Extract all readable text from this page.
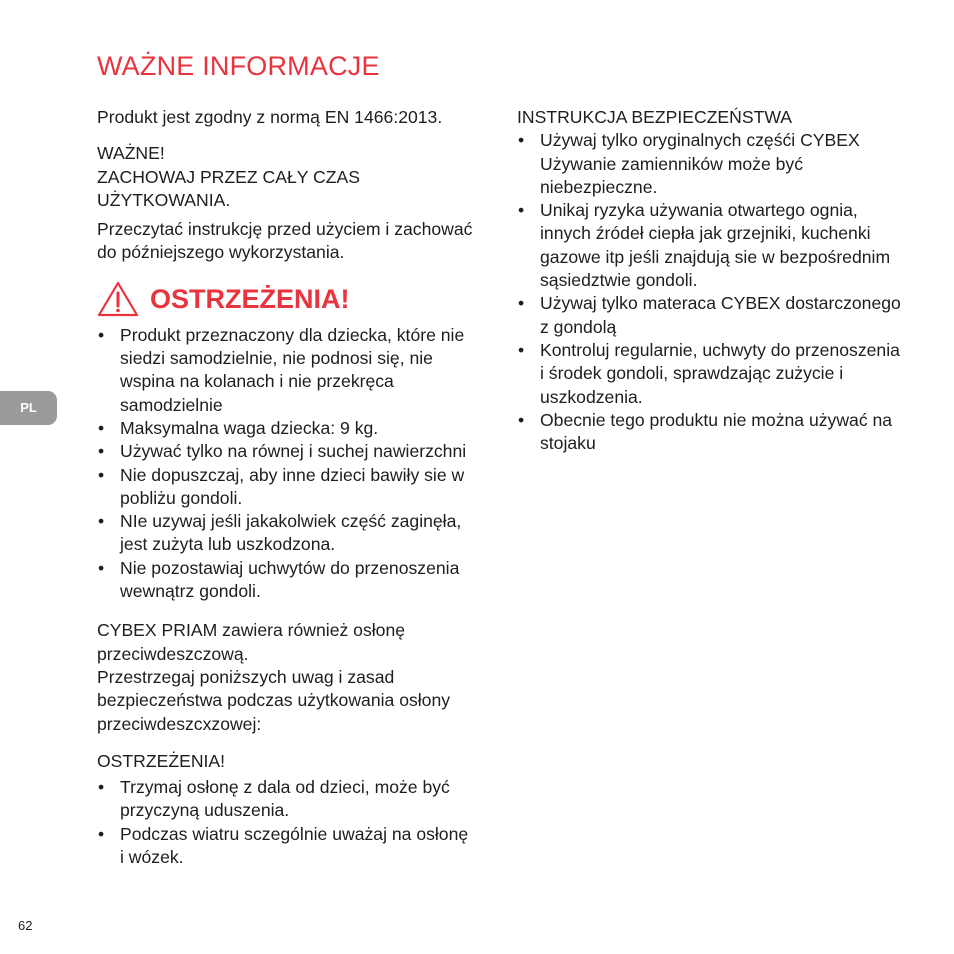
WAŻNE INFORMACJE
PL

Produkt jest zgodny z normą EN 1466:2013.

WAŻNE!

ZACHOWAJ PRZEZ CAŁY CZAS

UŻYTKOWANIA.

Przeczytać instrukcję przed użyciem i zachować do późniejszego wykorzystania.

OSTRZEŻENIA!
• Produkt przeznaczony dla dziecka, które nie siedzi samodzielnie, nie podnosi się, nie wspina na kolanach i nie przekręca samodzielnie
• Maksymalna waga dziecka: 9 kg.
• Używać tylko na równej i suchej nawierzchni
• Nie dopuszczaj, aby inne dzieci bawiły sie w pobliżu gondoli.
• NIe uzywaj jeśli jakakolwiek część zaginęła, jest zużyta lub uszkodzona.
• Nie pozostawiaj uchwytów do przenoszenia wewnątrz gondoli.

CYBEX PRIAM zawiera również osłonę przeciwdeszczową.

Przestrzegaj poniższych uwag i zasad bezpieczeństwa podczas użytkowania osłony przeciwdeszcxzowej:

OSTRZEŻENIA!

• Trzymaj osłonę z dala od dzieci, może być przyczyną uduszenia.
• Podczas wiatru sczególnie uważaj na osłonę i wózek.

INSTRUKCJA BEZPIECZEŃSTWA

• Używaj tylko oryginalnych częśći CYBEX Używanie zamienników może być niebezpieczne.
• Unikaj ryzyka używania otwartego ognia, innych źródeł ciepła jak grzejniki, kuchenki gazowe itp jeśli znajdują sie w bezpośrednim sąsiedztwie gondoli.
• Używaj tylko materaca CYBEX dostarczonego z gondolą
• Kontroluj regularnie, uchwyty do przenoszenia i środek gondoli, sprawdzając zużycie i uszkodzenia.
• Obecnie tego produktu nie można używać na stojaku
62
